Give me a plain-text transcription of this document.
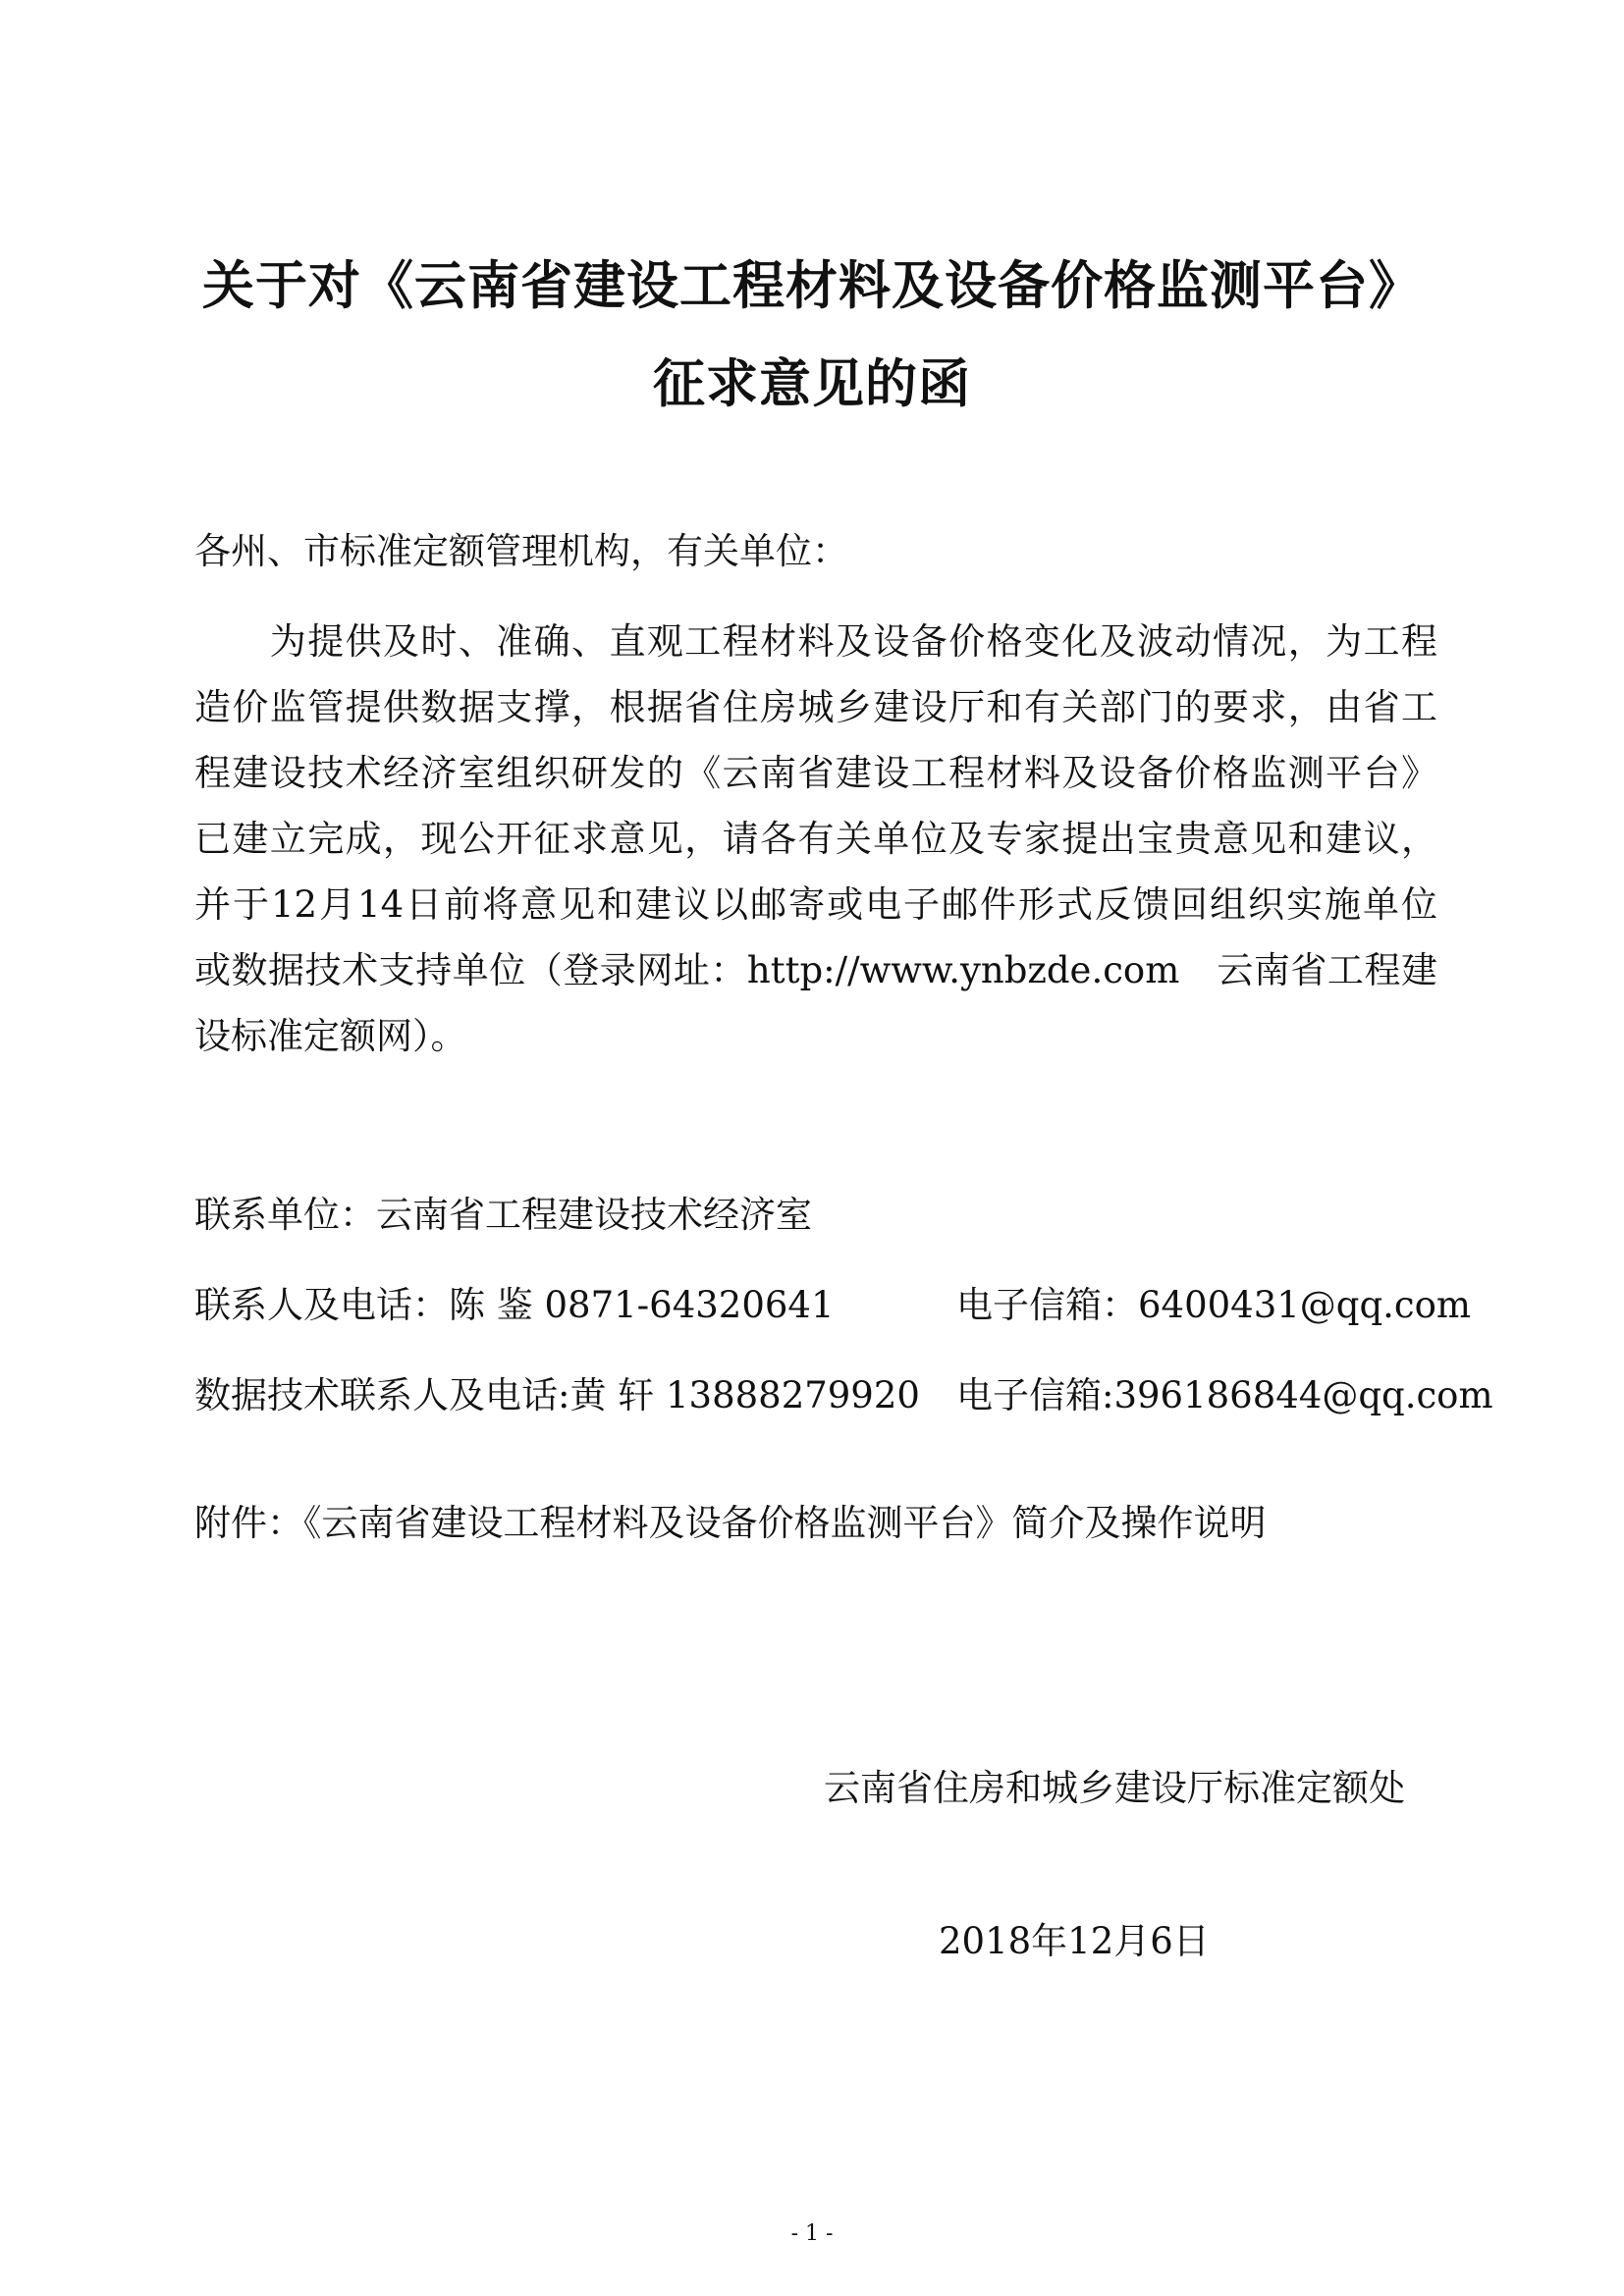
关于对《云南省建设工程材料及设备价格监测平台》
征求意见的函
各州、市标准定额管理机构，有关单位：
　　为提供及时、准确、直观工程材料及设备价格变化及波动情况，为工程
造价监管提供数据支撑，根据省住房城乡建设厅和有关部门的要求，由省工
程建设技术经济室组织研发的《云南省建设工程材料及设备价格监测平台》
已建立完成，现公开征求意见，请各有关单位及专家提出宝贵意见和建议，
并于12月14日前将意见和建议以邮寄或电子邮件形式反馈回组织实施单位
或数据技术支持单位（登录网址：http://www.ynbzde.com　云南省工程建
设标准定额网）。
联系单位：云南省工程建设技术经济室
联系人及电话：陈 鉴 0871-64320641	电子信箱：6400431@qq.com
数据技术联系人及电话:黄 轩 13888279920 电子信箱:396186844@qq.com
附件：《云南省建设工程材料及设备价格监测平台》简介及操作说明
云南省住房和城乡建设厅标准定额处
2018年12月6日
- 1 -
